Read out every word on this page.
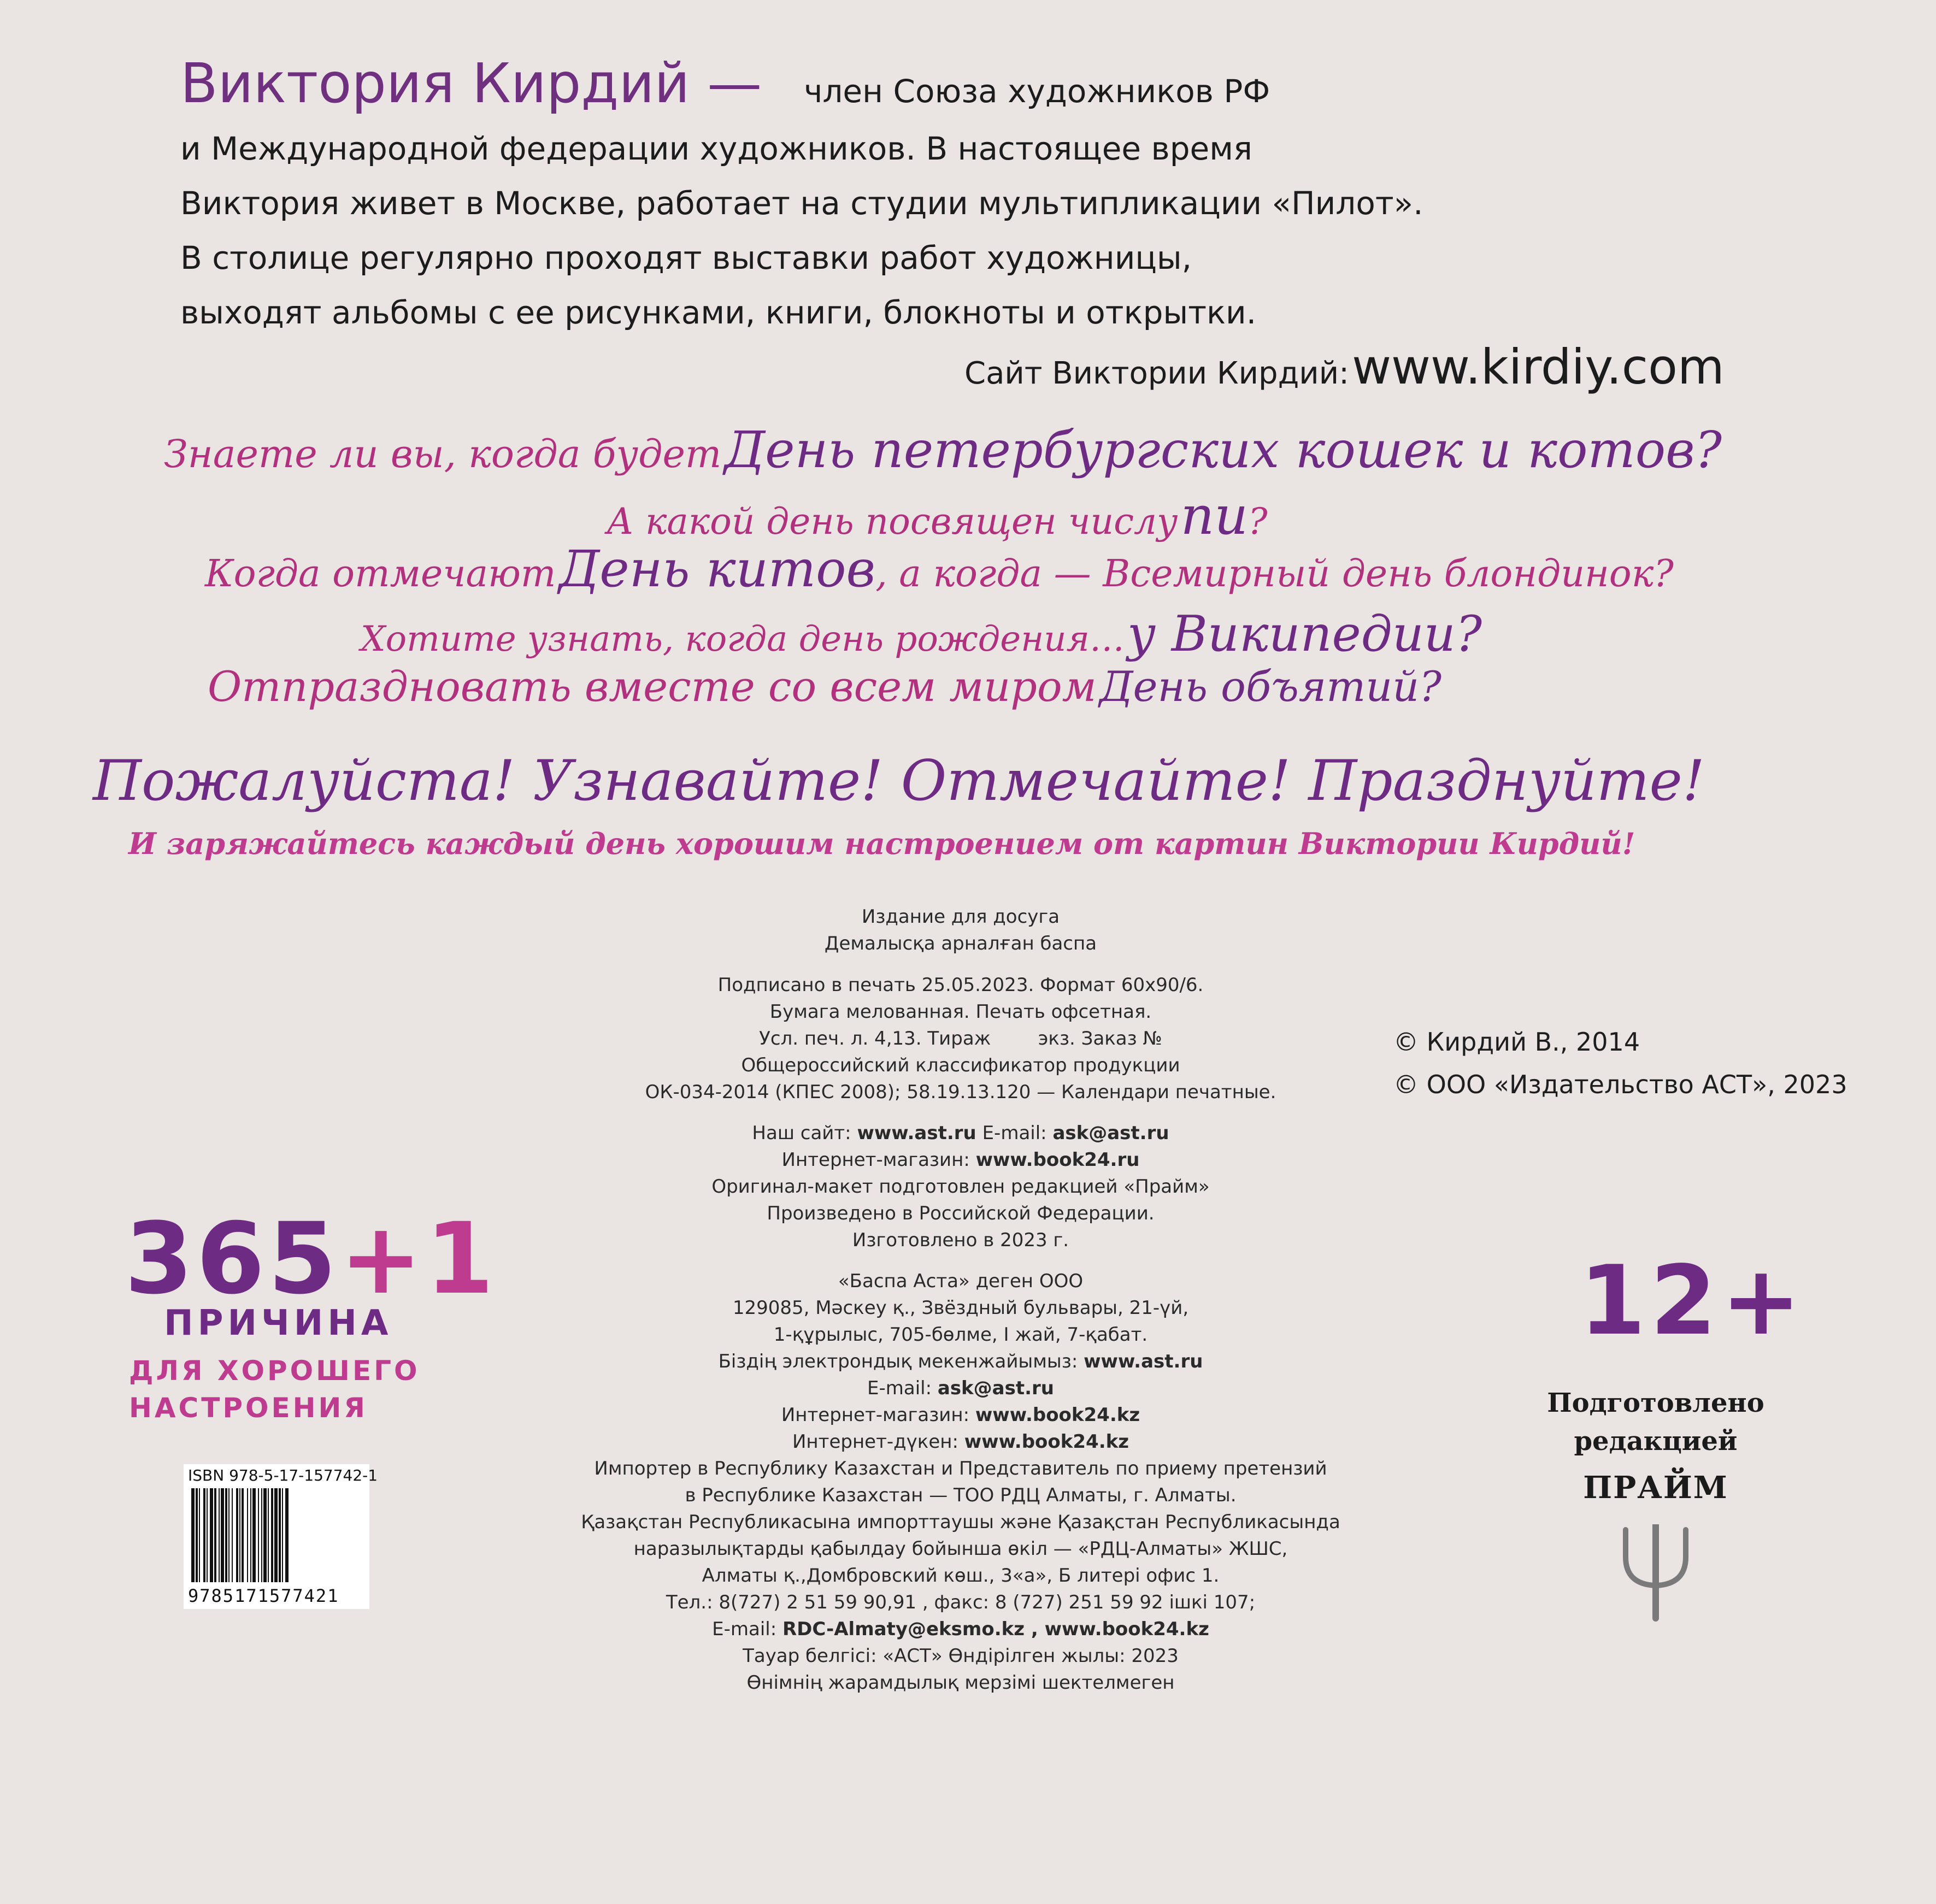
Виктория Кирдий — член Союза художников РФ
и Международной федерации художников. В настоящее время
Виктория живет в Москве, работает на студии мультипликации «Пилот».
В столице регулярно проходят выставки работ художницы,
выходят альбомы с ее рисунками, книги, блокноты и открытки.
Сайт Виктории Кирдий: www.kirdiy.com
Знаете ли вы, когда будет День петербургских кошек и котов?
А какой день посвящен числу пи?
Когда отмечают День китов, а когда — Всемирный день блондинок?
Хотите узнать, когда день рождения… у Википедии?
Отпраздновать вместе со всем миром День объятий?
Пожалуйста! Узнавайте! Отмечайте! Празднуйте!
И заряжайтесь каждый день хорошим настроением от картин Виктории Кирдий!
Издание для досуга
Демалысқа арналған баспа
Подписано в печать 25.05.2023. Формат 60x90/6.
Бумага мелованная. Печать офсетная.
Усл. печ. л. 4,13. Тираж        экз. Заказ №
Общероссийский классификатор продукции
ОК-034-2014 (КПЕС 2008); 58.19.13.120 — Календари печатные.
Наш сайт: www.ast.ru E-mail: ask@ast.ru
Интернет-магазин: www.book24.ru
Оригинал-макет подготовлен редакцией «Прайм»
Произведено в Российской Федерации.
Изготовлено в 2023 г.
«Баспа Аста» деген ООО
129085, Мәскеу қ., Звёздный бульвары, 21-үй,
1-құрылыс, 705-бөлме, I жай, 7-қабат.
Біздің электрондық мекенжайымыз: www.ast.ru
E-mail: ask@ast.ru
Интернет-магазин: www.book24.kz
Интернет-дүкен: www.book24.kz
Импортер в Республику Казахстан и Представитель по приему претензий
в Республике Казахстан — ТОО РДЦ Алматы, г. Алматы.
Қазақстан Республикасына импорттаушы және Қазақстан Республикасында
наразылықтарды қабылдау бойынша өкіл — «РДЦ-Алматы» ЖШС,
Алматы қ.,Домбровский көш., 3«а», Б литері офис 1.
Тел.: 8(727) 2 51 59 90,91 , факс: 8 (727) 251 59 92 ішкі 107;
E-mail: RDC-Almaty@eksmo.kz , www.book24.kz
Тауар белгісі: «АСТ» Өндірілген жылы: 2023
Өнімнің жарамдылық мерзімі шектелмеген
© Кирдий В., 2014
© ООО «Издательство АСТ», 2023
365+1
ПРИЧИНА
ДЛЯ ХОРОШЕГО
НАСТРОЕНИЯ
ISBN 978-5-17-157742-1
9785171577421
12+
Подготовлено
редакцией
ПРАЙМ
